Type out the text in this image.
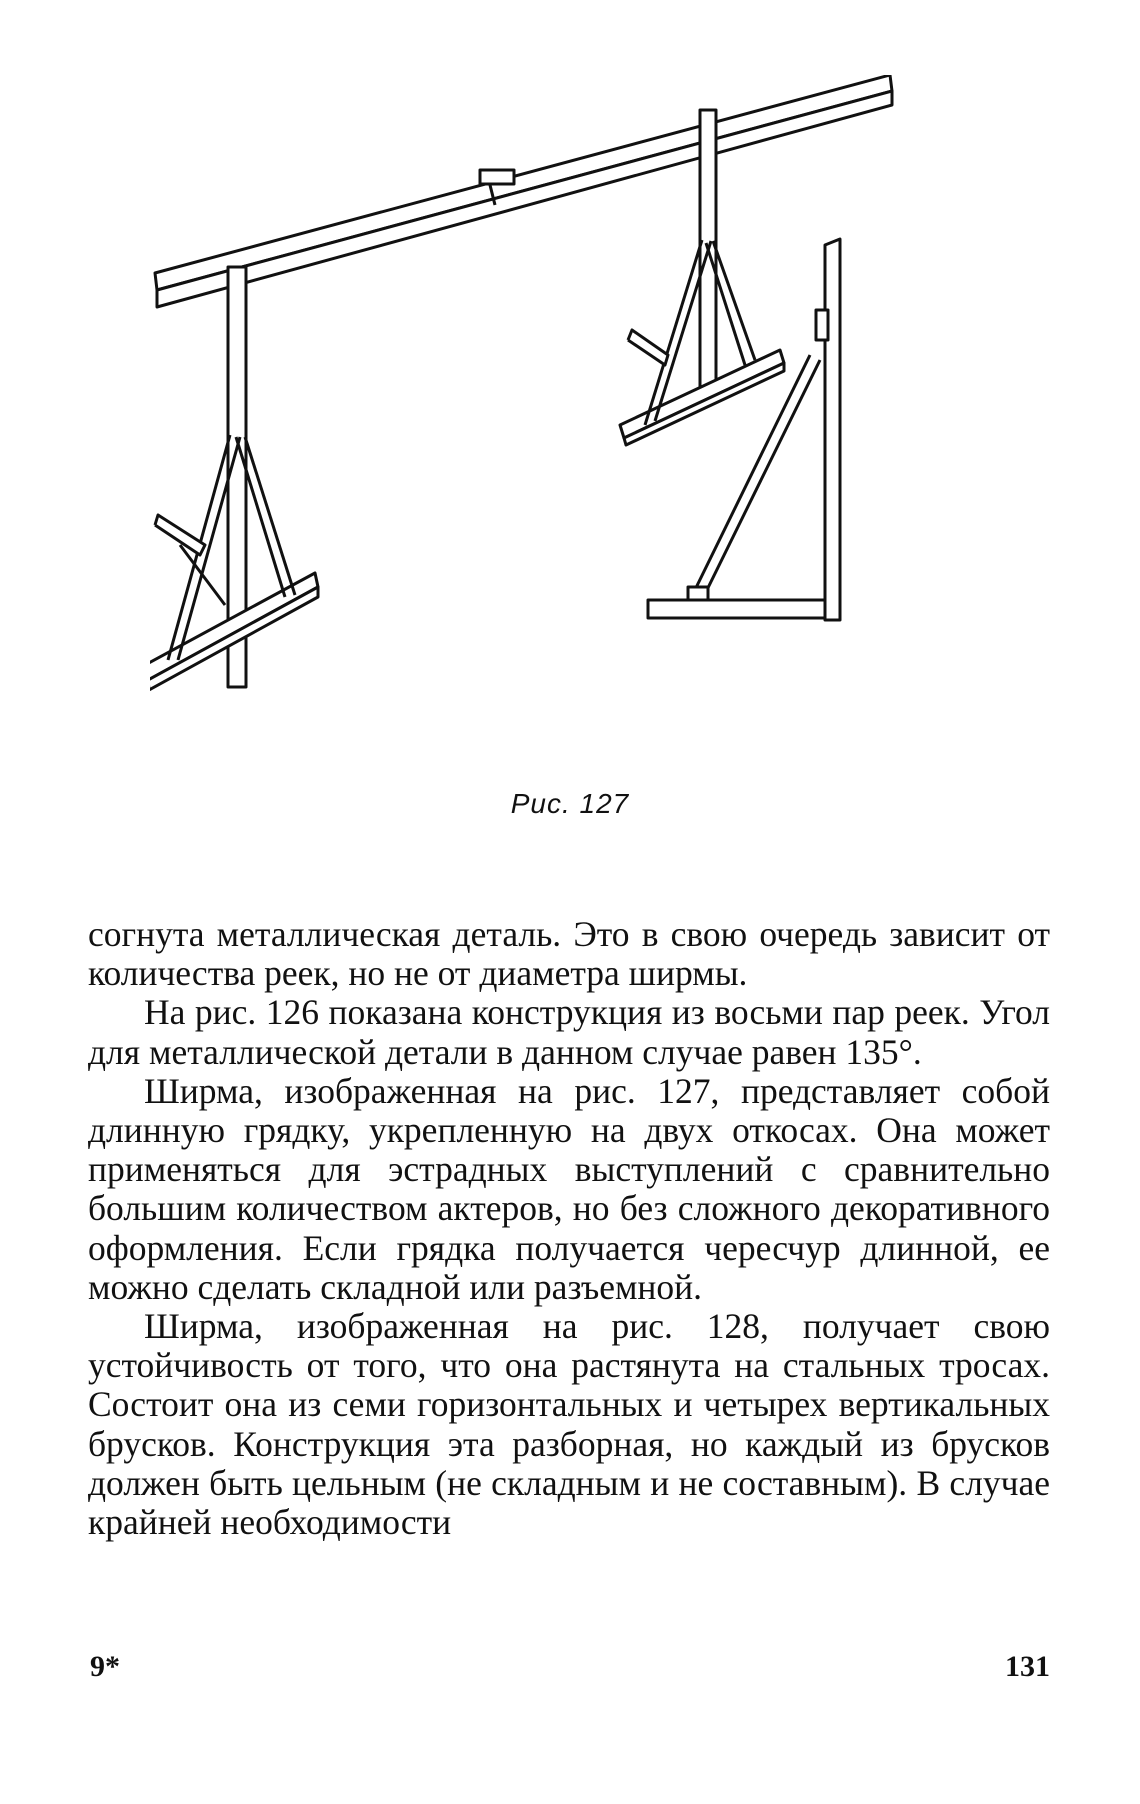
Рис. 127

согнута металлическая деталь. Это в свою очередь зависит от количества реек, но не от диаметра ширмы.

На рис. 126 показана конструкция из восьми пар реек. Угол для металлической детали в данном случае равен 135°.

Ширма, изображенная на рис. 127, представляет собой длинную грядку, укрепленную на двух откосах. Она может применяться для эстрадных выступлений с сравнительно большим количеством актеров, но без сложного декоративного оформления. Если грядка получается чересчур длинной, ее можно сделать складной или разъемной.

Ширма, изображенная на рис. 128, получает свою устойчивость от того, что она растянута на стальных тросах. Состоит она из семи горизонтальных и четырех вертикальных брусков. Конструкция эта разборная, но каждый из брусков должен быть цельным (не складным и не составным). В случае крайней необходимости

9*	131
